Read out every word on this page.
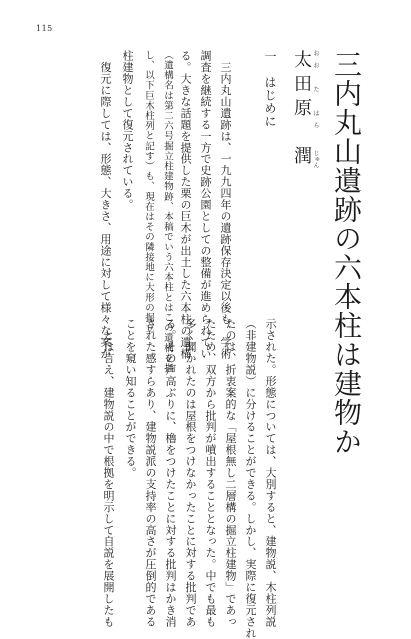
115
三内丸山遺跡の六本柱は建物か
おお　た　はら
じゅん
太田原　潤
一　はじめに
　三内丸山遺跡は、一九九四年の遺跡保存決定以後も、学術
調査を継続する一方で史跡公園としての整備が進められてい
る。大きな話題を提供した栗の巨木が出土した六本柱の遺構
（遺構名は第二六号掘立柱建物跡、本稿でいう六本柱とはこの遺構を指
し、以下巨木柱列と記す）も、現在はその隣接地に大形の掘立
柱建物として復元されている。
　復元に際しては、形態、大きさ、用途に対して様々な案が
示された。形態については、大別すると、建物説、木柱列説
（非建物説）に分けることができる。しかし、実際に復元され
たのは、折衷案的な「屋根無し二層構の掘立柱建物」であっ
たため、双方から批判が噴出することとなった。中でも最も
多く聞かれたのは屋根をつけなかったことに対する批判であ
る。その声高ぶりに、櫓をつけたことに対する批判はかき消
された感すらあり、建物説派の支持率の高さが圧倒的である
ことを窺い知ることができる。
　とは言え、建物説の中で根拠を明示して自説を展開したも
